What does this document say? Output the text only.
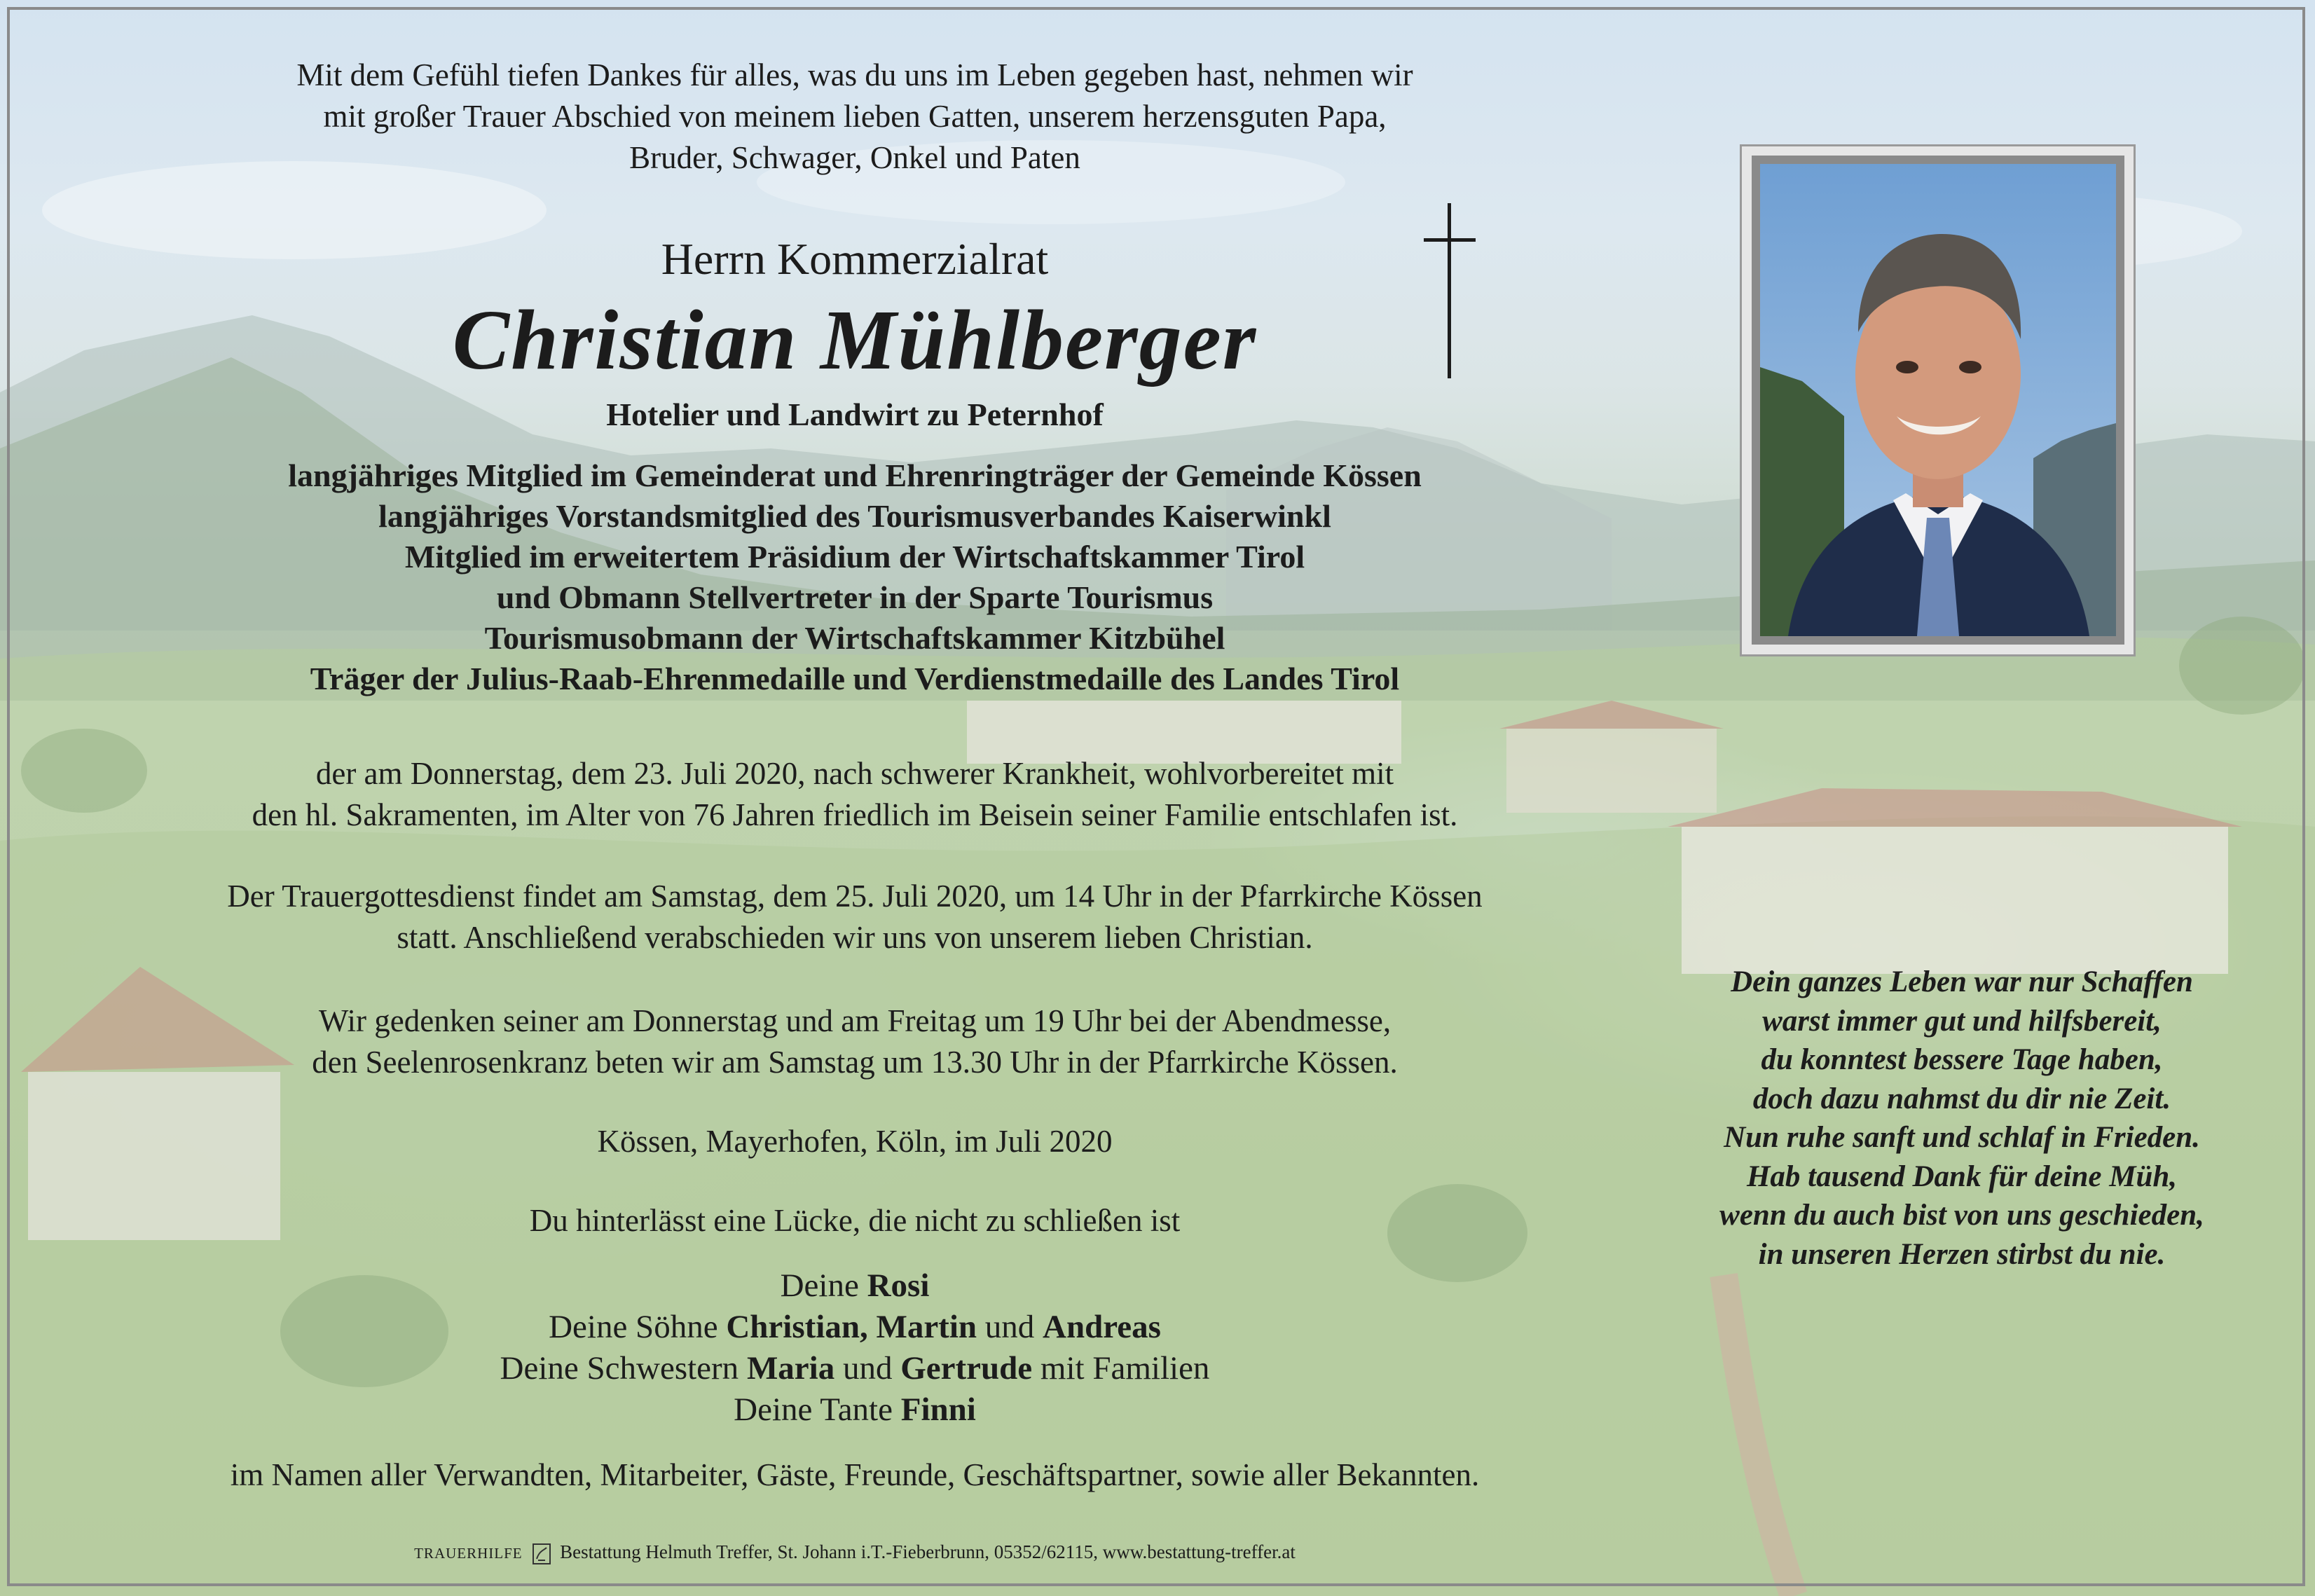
Mit dem Gefühl tiefen Dankes für alles, was du uns im Leben gegeben hast, nehmen wir
mit großer Trauer Abschied von meinem lieben Gatten, unserem herzensguten Papa,
Bruder, Schwager, Onkel und Paten
Herrn Kommerzialrat
Christian Mühlberger
Hotelier und Landwirt zu Peternhof
langjähriges Mitglied im Gemeinderat und Ehrenringträger der Gemeinde Kössen
langjähriges Vorstandsmitglied des Tourismusverbandes Kaiserwinkl
Mitglied im erweitertem Präsidium der Wirtschaftskammer Tirol
und Obmann Stellvertreter in der Sparte Tourismus
Tourismusobmann der Wirtschaftskammer Kitzbühel
Träger der Julius-Raab-Ehrenmedaille und Verdienstmedaille des Landes Tirol
der am Donnerstag, dem 23. Juli 2020, nach schwerer Krankheit, wohlvorbereitet mit
den hl. Sakramenten, im Alter von 76 Jahren friedlich im Beisein seiner Familie entschlafen ist.
Der Trauergottesdienst findet am Samstag, dem 25. Juli 2020, um 14 Uhr in der Pfarrkirche Kössen
statt. Anschließend verabschieden wir uns von unserem lieben Christian.
Wir gedenken seiner am Donnerstag und am Freitag um 19 Uhr bei der Abendmesse,
den Seelenrosenkranz beten wir am Samstag um 13.30 Uhr in der Pfarrkirche Kössen.
Kössen, Mayerhofen, Köln, im Juli 2020
Du hinterlässt eine Lücke, die nicht zu schließen ist
Deine Rosi
Deine Söhne Christian, Martin und Andreas
Deine Schwestern Maria und Gertrude mit Familien
Deine Tante Finni
im Namen aller Verwandten, Mitarbeiter, Gäste, Freunde, Geschäftspartner, sowie aller Bekannten.
Dein ganzes Leben war nur Schaffen
warst immer gut und hilfsbereit,
du konntest bessere Tage haben,
doch dazu nahmst du dir nie Zeit.
Nun ruhe sanft und schlaf in Frieden.
Hab tausend Dank für deine Müh,
wenn du auch bist von uns geschieden,
in unseren Herzen stirbst du nie.
TRAUERHILFE Bestattung Helmuth Treffer, St. Johann i.T.-Fieberbrunn, 05352/62115, www.bestattung-treffer.at
